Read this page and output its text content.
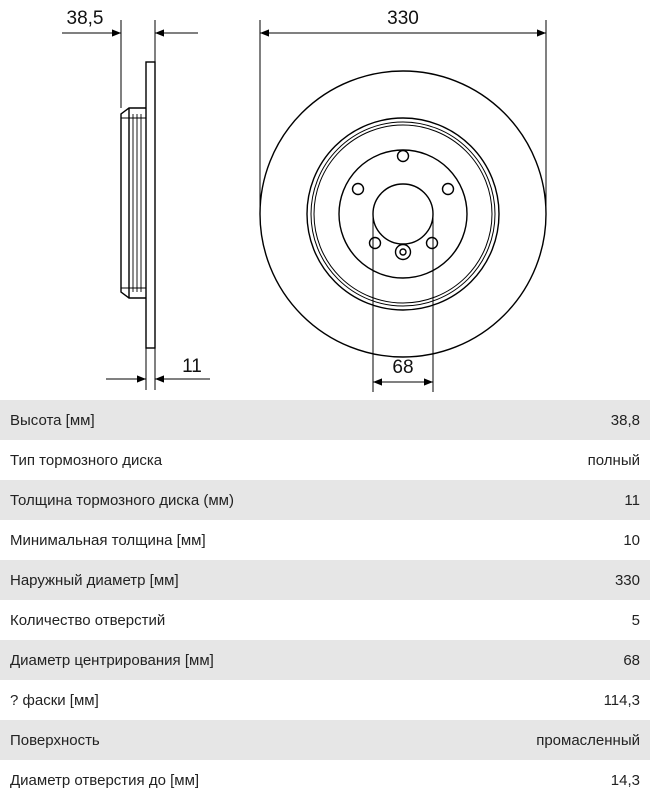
38,5
11
330
68
Высота [мм]	38,8
Тип тормозного диска	полный
Толщина тормозного диска (мм)	11
Минимальная толщина [мм]	10
Наружный диаметр [мм]	330
Количество отверстий	5
Диаметр центрирования [мм]	68
? фаски [мм]	114,3
Поверхность	промасленный
Диаметр отверстия до [мм]	14,3
